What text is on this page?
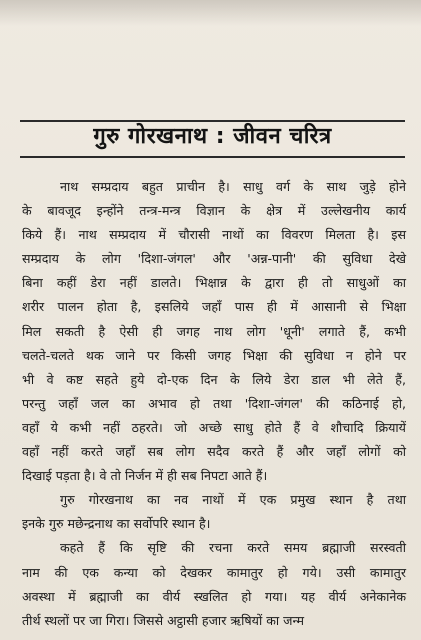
गुरु गोरखनाथ : जीवन चरित्र

नाथ सम्प्रदाय बहुत प्राचीन है। साधु वर्ग के साथ जुड़े होने

के बावजूद इन्होंने तन्त्र-मन्त्र विज्ञान के क्षेत्र में उल्लेखनीय कार्य

किये हैं। नाथ सम्प्रदाय में चौरासी नाथों का विवरण मिलता है। इस

सम्प्रदाय के लोग 'दिशा-जंगल' और 'अन्न-पानी' की सुविधा देखे

बिना कहीं डेरा नहीं डालते। भिक्षान्न के द्वारा ही तो साधुओं का

शरीर पालन होता है, इसलिये जहाँ पास ही में आसानी से भिक्षा

मिल सकती है ऐसी ही जगह नाथ लोग 'धूनी' लगाते हैं, कभी

चलते-चलते थक जाने पर किसी जगह भिक्षा की सुविधा न होने पर

भी वे कष्ट सहते हुये दो-एक दिन के लिये डेरा डाल भी लेते हैं,

परन्तु जहाँ जल का अभाव हो तथा 'दिशा-जंगल' की कठिनाई हो,

वहाँ ये कभी नहीं ठहरते। जो अच्छे साधु होते हैं वे शौचादि क्रियायें

वहाँ नहीं करते जहाँ सब लोग सदैव करते हैं और जहाँ लोगों को

दिखाई पड़ता है। वे तो निर्जन में ही सब निपटा आते हैं।

गुरु गोरखनाथ का नव नाथों में एक प्रमुख स्थान है तथा

इनके गुरु मछेन्द्रनाथ का सर्वोपरि स्थान है।

कहते हैं कि सृष्टि की रचना करते समय ब्रह्माजी सरस्वती

नाम की एक कन्या को देखकर कामातुर हो गये। उसी कामातुर

अवस्था में ब्रह्माजी का वीर्य स्खलित हो गया। यह वीर्य अनेकानेक

तीर्थ स्थलों पर जा गिरा। जिससे अट्ठासी हजार ऋषियों का जन्म
